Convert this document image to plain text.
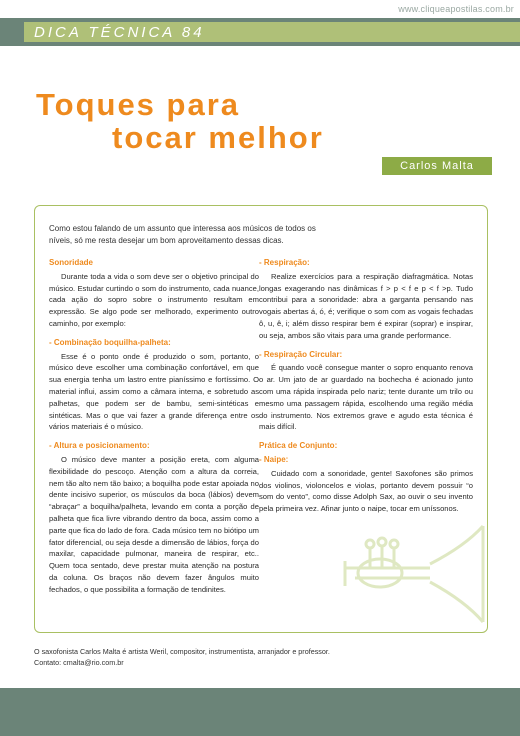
www.cliqueapostilas.com.br
DICA TÉCNICA 84
Toques para
tocar melhor
Carlos Malta

Como estou falando de um assunto que interessa aos músicos de todos os níveis, só me resta desejar um bom aproveitamento dessas dicas.

Sonoridade

Durante toda a vida o som deve ser o objetivo principal do músico. Estudar curtindo o som do instrumento, cada nuance, cada ação do sopro sobre o instrumento resultam em expressão. Se algo pode ser melhorado, experimento outro caminho, por exemplo:

- Combinação boquilha-palheta:

Esse é o ponto onde é produzido o som, portanto, o músico deve escolher uma combinação confortável, em que sua energia tenha um lastro entre pianíssimo e fortíssimo. O material influi, assim como a câmara interna, e sobretudo as palhetas, que podem ser de bambu, semi-sintéticas e sintéticas. Mas o que vai fazer a grande diferença entre os vários materiais é o músico.

- Altura e posicionamento:

O músico deve manter a posição ereta, com alguma flexibilidade do pescoço. Atenção com a altura da correia, nem tão alto nem tão baixo; a boquilha pode estar apoiada no dente incisivo superior, os músculos da boca (lábios) devem “abraçar” a boquilha/palheta, levando em conta a porção de palheta que fica livre vibrando dentro da boca, assim como a parte que fica do lado de fora. Cada músico tem no biótipo um fator diferencial, ou seja desde a dimensão de lábios, força do maxilar, capacidade pulmonar, maneira de respirar, etc.. Quem toca sentado, deve prestar muita atenção na postura da coluna. Os braços não devem fazer ângulos muito fechados, o que possibilita a formação de tendinites.

- Respiração:

Realize exercícios para a respiração diafragmática. Notas longas exagerando nas dinâmicas f > p < f e p < f >p. Tudo contribui para a sonoridade: abra a garganta pensando nas vogais abertas á, ó, é; verifique o som com as vogais fechadas ô, u, ê, i; além disso respirar bem é expirar (soprar) e inspirar, ou seja, ambos são vitais para uma grande performance.

- Respiração Circular:

É quando você consegue manter o sopro enquanto renova o ar. Um jato de ar guardado na bochecha é acionado junto com uma rápida inspirada pelo nariz; tente durante um trilo ou mesmo uma passagem rápida, escolhendo uma região média do instrumento. Nos extremos grave e agudo esta técnica é mais difícil.

Prática de Conjunto:

- Naipe:

Cuidado com a sonoridade, gente! Saxofones são primos dos violinos, violoncelos e violas, portanto devem possuir “o som do vento”, como disse Adolph Sax, ao ouvir o seu invento pela primeira vez. Afinar junto o naipe, tocar em uníssonos.

O saxofonista Carlos Malta é artista Weril, compositor, instrumentista, arranjador e professor.
Contato: cmalta@rio.com.br
